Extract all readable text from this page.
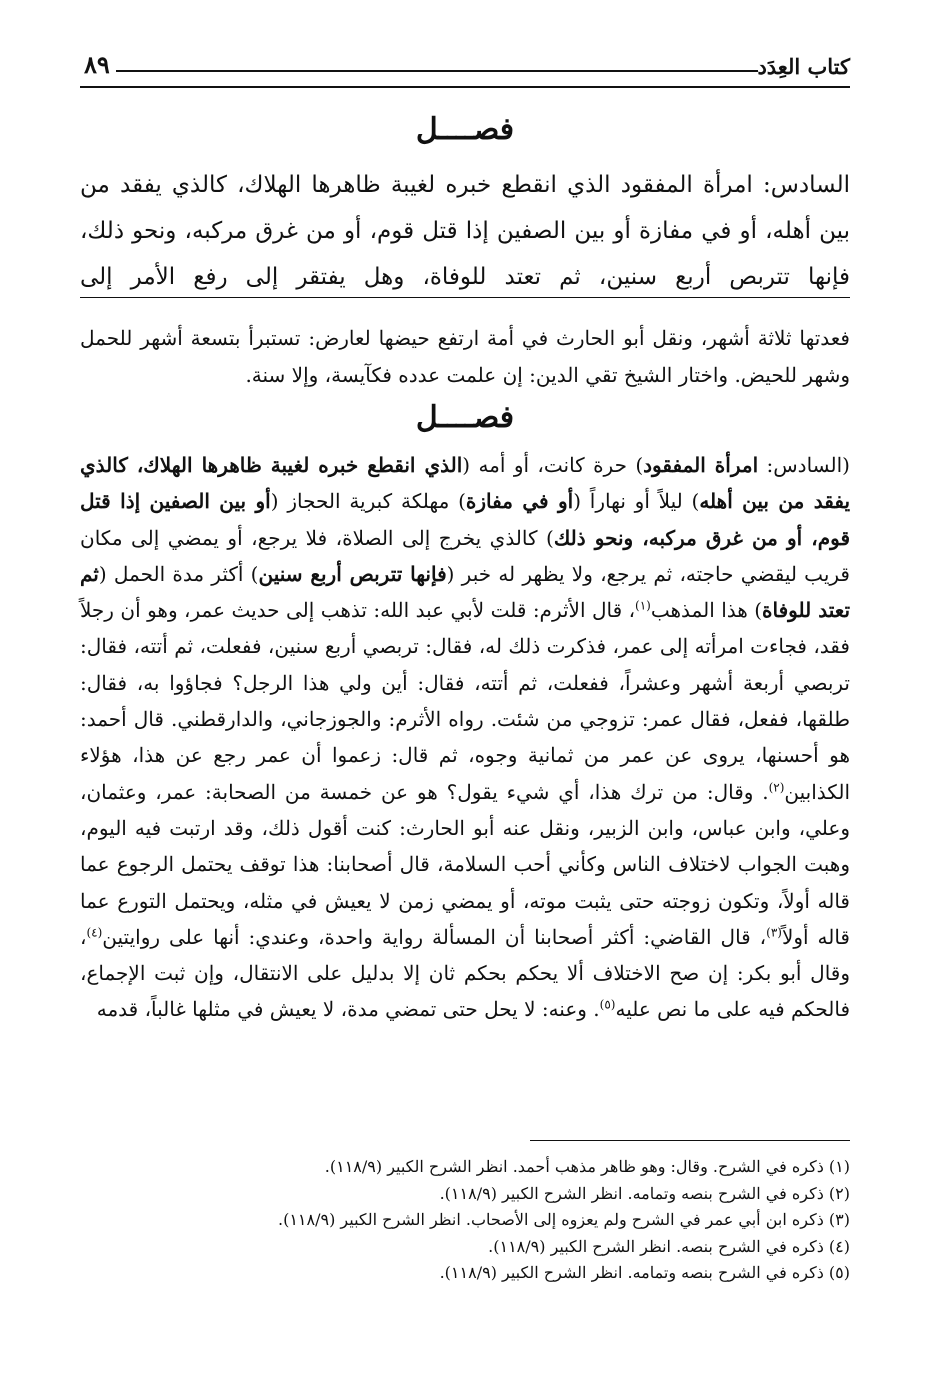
كتاب العِدَد
٨٩
فصــــل

السادس: امرأة المفقود الذي انقطع خبره لغيبة ظاهرها الهلاك، كالذي يفقد من بين أهله، أو في مفازة أو بين الصفين إذا قتل قوم، أو من غرق مركبه، ونحو ذلك، فإنها تتربص أربع سنين، ثم تعتد للوفاة، وهل يفتقر إلى رفع الأمر إلى

فعدتها ثلاثة أشهر، ونقل أبو الحارث في أمة ارتفع حيضها لعارض: تستبرأ بتسعة أشهر للحمل وشهر للحيض. واختار الشيخ تقي الدين: إن علمت عدده فكآيسة، وإلا سنة.

فصــــل

(السادس: امرأة المفقود) حرة كانت، أو أمه (الذي انقطع خبره لغيبة ظاهرها الهلاك، كالذي يفقد من بين أهله) ليلاً أو نهاراً (أو في مفازة) مهلكة كبرية الحجاز (أو بين الصفين إذا قتل قوم، أو من غرق مركبه، ونحو ذلك) كالذي يخرج إلى الصلاة، فلا يرجع، أو يمضي إلى مكان قريب ليقضي حاجته، ثم يرجع، ولا يظهر له خبر (فإنها تتربص أربع سنين) أكثر مدة الحمل (ثم تعتد للوفاة) هذا المذهب$^{(١)}$، قال الأثرم: قلت لأبي عبد الله: تذهب إلى حديث عمر، وهو أن رجلاً فقد، فجاءت امرأته إلى عمر، فذكرت ذلك له، فقال: تربصي أربع سنين، ففعلت، ثم أتته، فقال: تربصي أربعة أشهر وعشراً، ففعلت، ثم أتته، فقال: أين ولي هذا الرجل؟ فجاؤوا به، فقال: طلقها، ففعل، فقال عمر: تزوجي من شئت. رواه الأثرم: والجوزجاني، والدارقطني. قال أحمد: هو أحسنها، يروى عن عمر من ثمانية وجوه، ثم قال: زعموا أن عمر رجع عن هذا، هؤلاء الكذابين$^{(٢)}$. وقال: من ترك هذا، أي شيء يقول؟ هو عن خمسة من الصحابة: عمر، وعثمان، وعلي، وابن عباس، وابن الزبير، ونقل عنه أبو الحارث: كنت أقول ذلك، وقد ارتبت فيه اليوم، وهبت الجواب لاختلاف الناس وكأني أحب السلامة، قال أصحابنا: هذا توقف يحتمل الرجوع عما قاله أولاً، وتكون زوجته حتى يثبت موته، أو يمضي زمن لا يعيش في مثله، ويحتمل التورع عما قاله أولاً$^{(٣)}$، قال القاضي: أكثر أصحابنا أن المسألة رواية واحدة، وعندي: أنها على روايتين$^{(٤)}$، وقال أبو بكر: إن صح الاختلاف ألا يحكم بحكم ثان إلا بدليل على الانتقال، وإن ثبت الإجماع، فالحكم فيه على ما نص عليه$^{(٥)}$. وعنه: لا يحل حتى تمضي مدة، لا يعيش في مثلها غالباً، قدمه

(١) ذكره في الشرح. وقال: وهو ظاهر مذهب أحمد. انظر الشرح الكبير (١١٨/٩).
(٢) ذكره في الشرح بنصه وتمامه. انظر الشرح الكبير (١١٨/٩).
(٣) ذكره ابن أبي عمر في الشرح ولم يعزوه إلى الأصحاب. انظر الشرح الكبير (١١٨/٩).
(٤) ذكره في الشرح بنصه. انظر الشرح الكبير (١١٨/٩).
(٥) ذكره في الشرح بنصه وتمامه. انظر الشرح الكبير (١١٨/٩).
